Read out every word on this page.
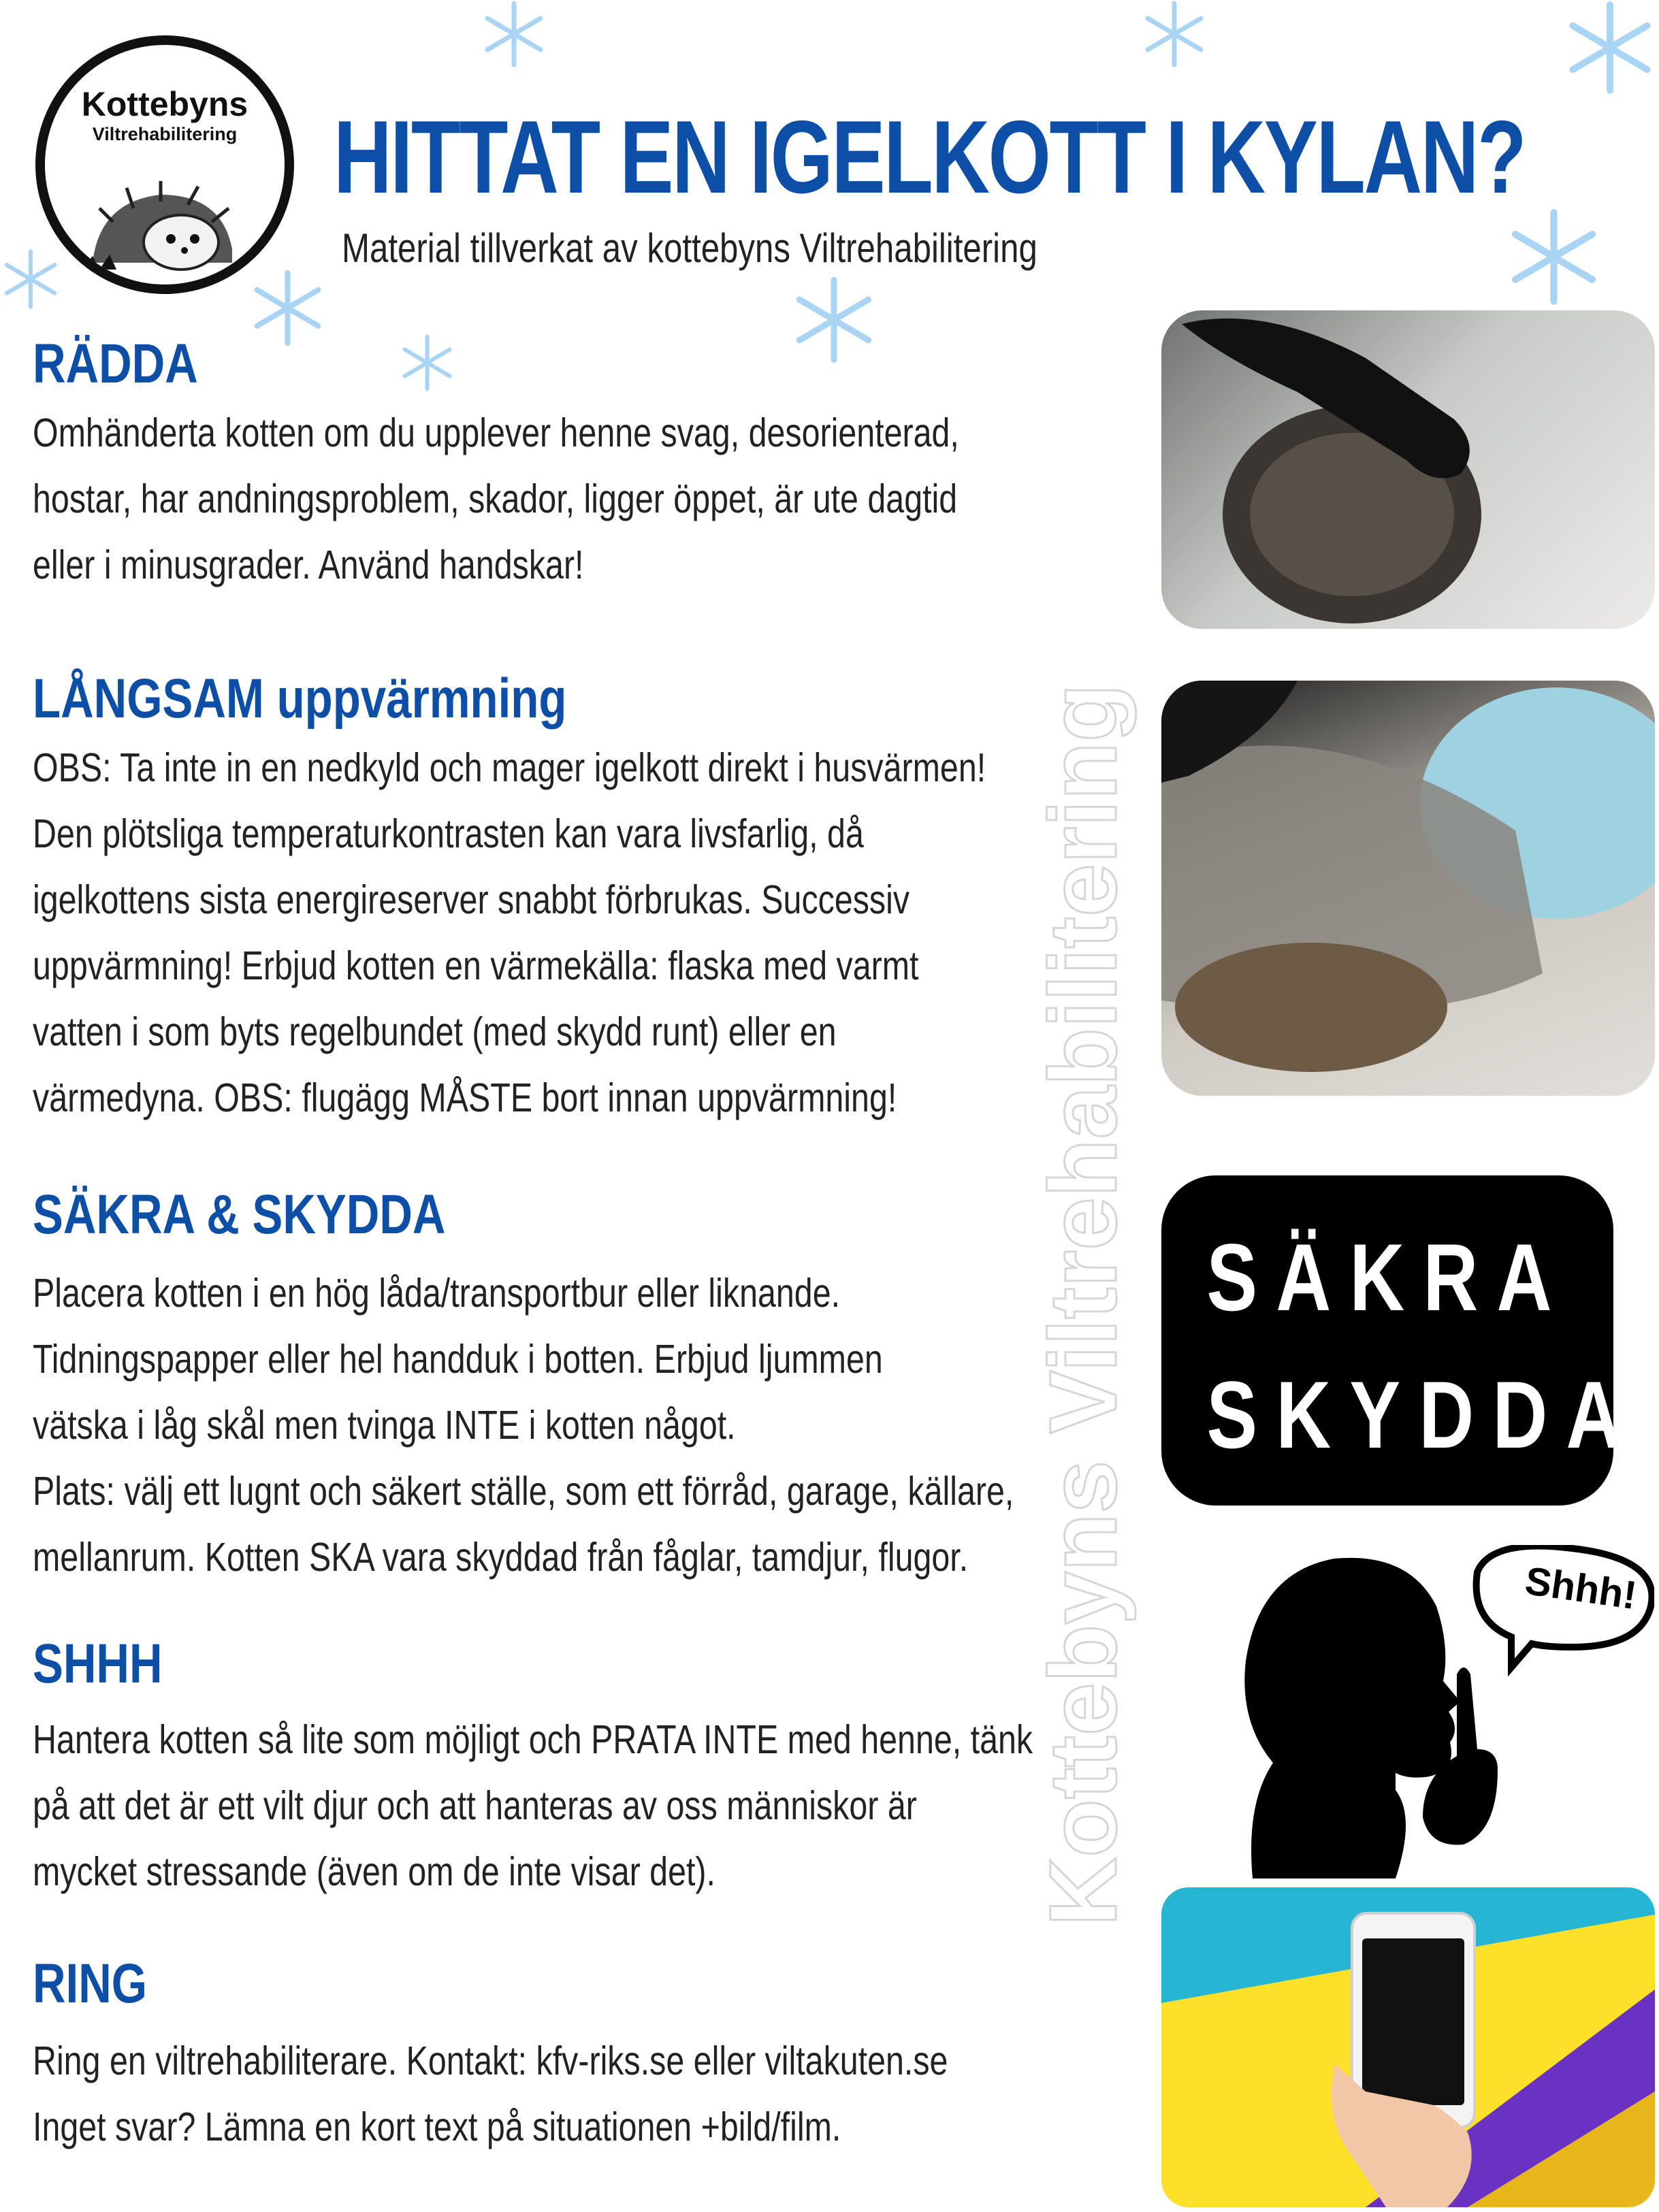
Kottebyns
Viltrehabilitering HITTAT EN IGELKOTT I KYLAN?
Material tillverkat av kottebyns Viltrehabilitering
Kottebyns Viltrehabilitering
RÄDDA
Omhänderta kotten om du upplever henne svag, desorienterad,
hostar, har andningsproblem, skador, ligger öppet, är ute dagtid
eller i minusgrader. Använd handskar!
LÅNGSAM uppvärmning
OBS: Ta inte in en nedkyld och mager igelkott direkt i husvärmen!
Den plötsliga temperaturkontrasten kan vara livsfarlig, då
igelkottens sista energireserver snabbt förbrukas. Successiv
uppvärmning! Erbjud kotten en värmekälla: flaska med varmt
vatten i som byts regelbundet (med skydd runt) eller en
värmedyna. OBS: flugägg MÅSTE bort innan uppvärmning!
SÄKRA & SKYDDA
Placera kotten i en hög låda/transportbur eller liknande.
Tidningspapper eller hel handduk i botten. Erbjud ljummen
vätska i låg skål men tvinga INTE i kotten något.
Plats: välj ett lugnt och säkert ställe, som ett förråd, garage, källare,
mellanrum. Kotten SKA vara skyddad från fåglar, tamdjur, flugor.
SHHH
Hantera kotten så lite som möjligt och PRATA INTE med henne, tänk
på att det är ett vilt djur och att hanteras av oss människor är
mycket stressande (även om de inte visar det).
RING
Ring en viltrehabiliterare. Kontakt: kfv-riks.se eller viltakuten.se
Inget svar? Lämna en kort text på situationen +bild/film.
SÄKRA
SKYDDA
Shhh!
